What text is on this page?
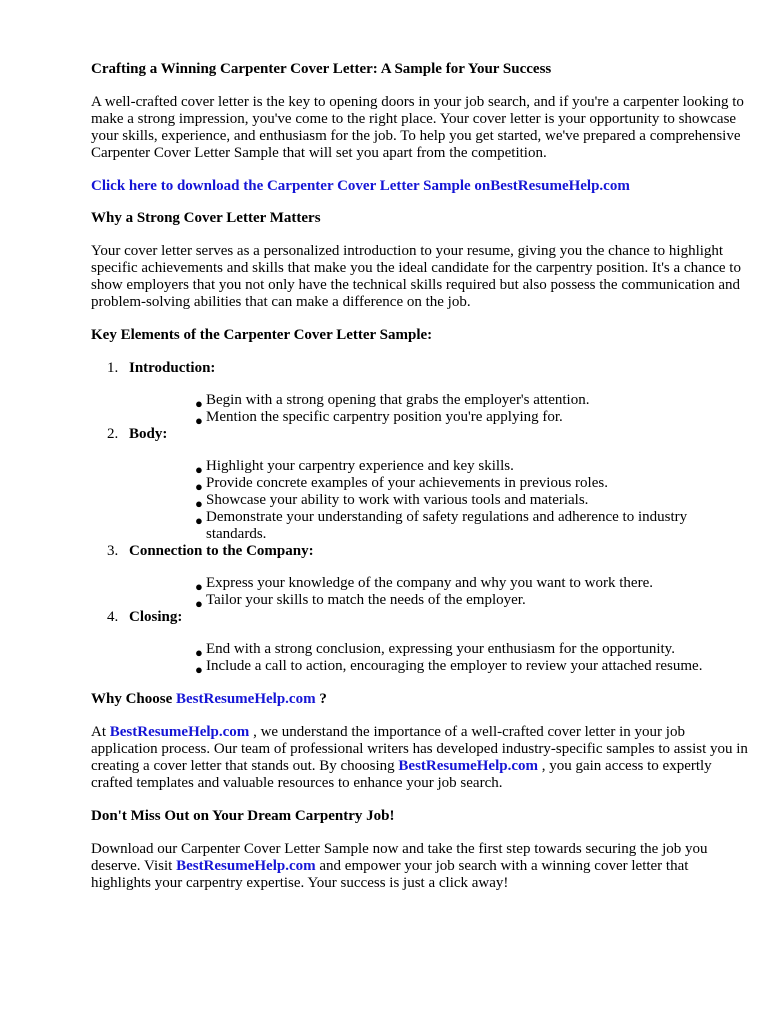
Crafting a Winning Carpenter Cover Letter: A Sample for Your Success

A well-crafted cover letter is the key to opening doors in your job search, and if you're a carpenter looking to make a strong impression, you've come to the right place. Your cover letter is your opportunity to showcase your skills, experience, and enthusiasm for the job. To help you get started, we've prepared a comprehensive Carpenter Cover Letter Sample that will set you apart from the competition.

Click here to download the Carpenter Cover Letter Sample onBestResumeHelp.com

Why a Strong Cover Letter Matters

Your cover letter serves as a personalized introduction to your resume, giving you the chance to highlight specific achievements and skills that make you the ideal candidate for the carpentry position. It's a chance to show employers that you not only have the technical skills required but also possess the communication and problem-solving abilities that can make a difference on the job.

Key Elements of the Carpenter Cover Letter Sample:
1. Introduction:
● Begin with a strong opening that grabs the employer's attention.
● Mention the specific carpentry position you're applying for.
2. Body:
● Highlight your carpentry experience and key skills.
● Provide concrete examples of your achievements in previous roles.
● Showcase your ability to work with various tools and materials.
● Demonstrate your understanding of safety regulations and adherence to industry standards.
3. Connection to the Company:
● Express your knowledge of the company and why you want to work there.
● Tailor your skills to match the needs of the employer.
4. Closing:
● End with a strong conclusion, expressing your enthusiasm for the opportunity.
● Include a call to action, encouraging the employer to review your attached resume.
Why Choose BestResumeHelp.com ?

At BestResumeHelp.com , we understand the importance of a well-crafted cover letter in your job application process. Our team of professional writers has developed industry-specific samples to assist you in creating a cover letter that stands out. By choosing BestResumeHelp.com , you gain access to expertly crafted templates and valuable resources to enhance your job search.

Don't Miss Out on Your Dream Carpentry Job!

Download our Carpenter Cover Letter Sample now and take the first step towards securing the job you deserve. Visit BestResumeHelp.com and empower your job search with a winning cover letter that highlights your carpentry expertise. Your success is just a click away!
